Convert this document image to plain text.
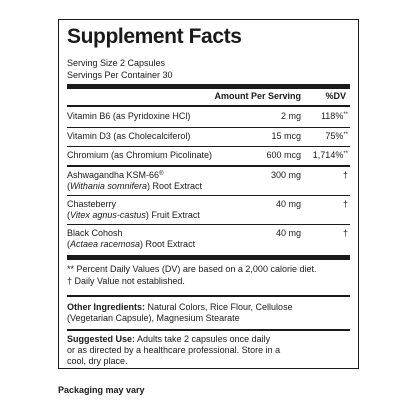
Supplement Facts
Serving Size 2 Capsules
Servings Per Container 30
Amount Per Serving	%DV
Vitamin B6 (as Pyridoxine HCl)	2 mg 118%**
Vitamin D3 (as Cholecalciferol)	15 mcg	75%**
Chromium (as Chromium Picolinate)	600 mcg 1,714%**
Ashwagandha KSM-66®
(Withania somnifera) Root Extract
300 mg	†
Chasteberry
(Vitex agnus-castus) Fruit Extract
40 mg	†
Black Cohosh
(Actaea racemosa) Root Extract
40 mg	†
** Percent Daily Values (DV) are based on a 2,000 calorie diet.
† Daily Value not established.
Other Ingredients: Natural Colors, Rice Flour, Cellulose
(Vegetarian Capsule), Magnesium Stearate
Suggested Use: Adults take 2 capsules once daily
or as directed by a healthcare professional. Store in a
cool, dry place.
Packaging may vary
